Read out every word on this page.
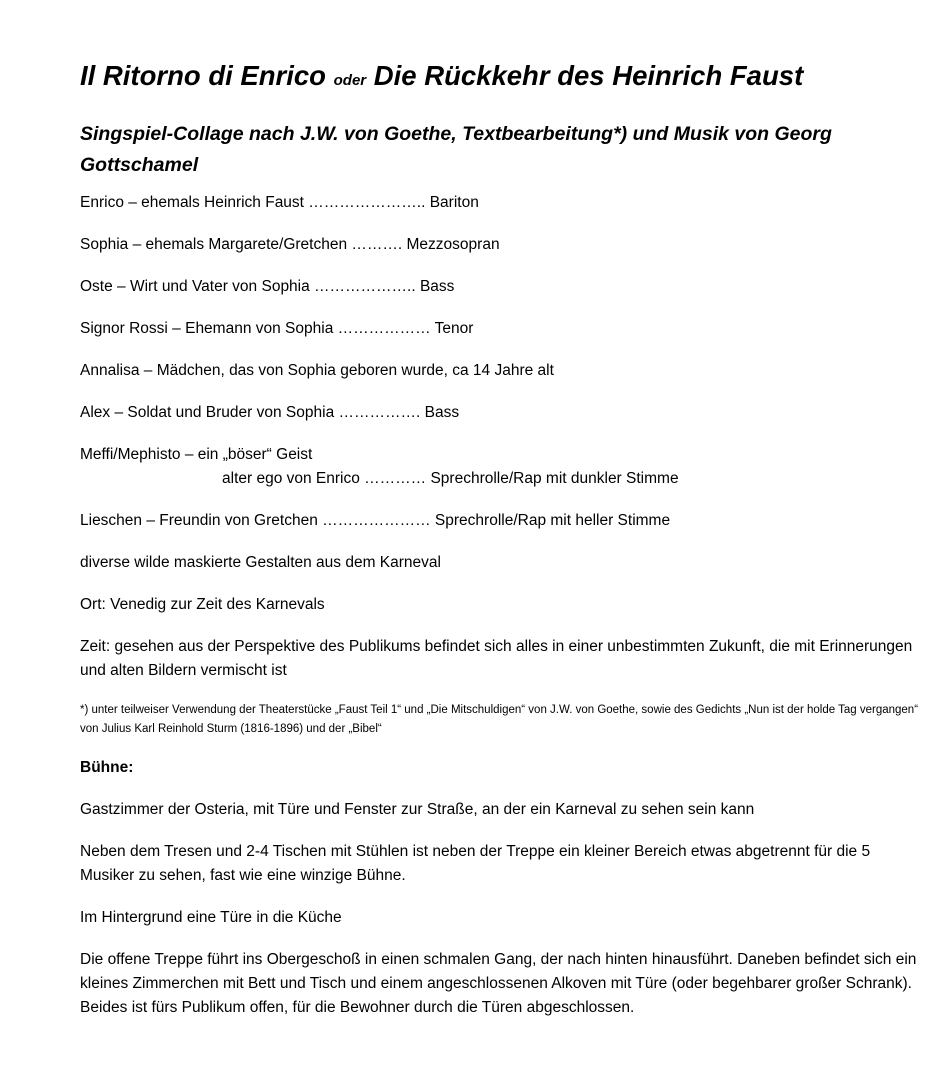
Il Ritorno di Enrico oder Die Rückkehr des Heinrich Faust
Singspiel-Collage nach J.W. von Goethe, Textbearbeitung*) und Musik von Georg Gottschamel
Enrico – ehemals Heinrich Faust ………………….. Bariton
Sophia – ehemals Margarete/Gretchen ………. Mezzosopran
Oste – Wirt und Vater von Sophia ……………….. Bass
Signor Rossi – Ehemann von Sophia ……………… Tenor
Annalisa – Mädchen, das von Sophia geboren wurde, ca 14 Jahre alt
Alex – Soldat und Bruder von Sophia ……………. Bass
Meffi/Mephisto – ein „böser“ Geist
alter ego von Enrico ………… Sprechrolle/Rap mit dunkler Stimme
Lieschen – Freundin von Gretchen ………………… Sprechrolle/Rap mit heller Stimme
diverse wilde maskierte Gestalten aus dem Karneval
Ort: Venedig zur Zeit des Karnevals
Zeit: gesehen aus der Perspektive des Publikums befindet sich alles in einer unbestimmten Zukunft, die mit Erinnerungen und alten Bildern vermischt ist
*) unter teilweiser Verwendung der Theaterstücke „Faust Teil 1“ und „Die Mitschuldigen“ von J.W. von Goethe, sowie des Gedichts „Nun ist der holde Tag vergangen“ von Julius Karl Reinhold Sturm (1816-1896) und der „Bibel“
Bühne:

Gastzimmer der Osteria, mit Türe und Fenster zur Straße, an der ein Karneval zu sehen sein kann

Neben dem Tresen und 2-4 Tischen mit Stühlen ist neben der Treppe ein kleiner Bereich etwas abgetrennt für die 5 Musiker zu sehen, fast wie eine winzige Bühne.

Im Hintergrund eine Türe in die Küche

Die offene Treppe führt ins Obergeschoß in einen schmalen Gang, der nach hinten hinausführt. Daneben befindet sich ein kleines Zimmerchen mit Bett und Tisch und einem angeschlossenen Alkoven mit Türe (oder begehbarer großer Schrank). Beides ist fürs Publikum offen, für die Bewohner durch die Türen abgeschlossen.
